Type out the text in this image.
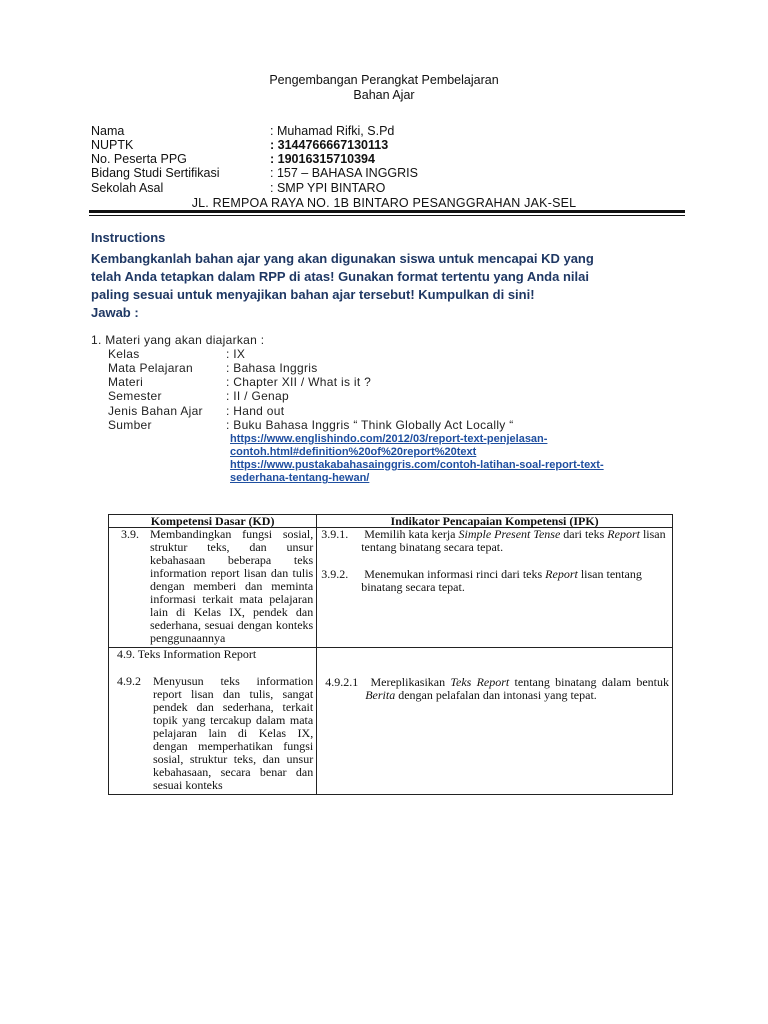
Pengembangan Perangkat Pembelajaran
Bahan Ajar
Nama	: Muhamad Rifki, S.Pd
NUPTK	: 3144766667130113
No. Peserta PPG	: 19016315710394
Bidang Studi Sertifikasi	: 157 – BAHASA INGGRIS
Sekolah Asal	: SMP YPI BINTARO
JL. REMPOA RAYA NO. 1B BINTARO PESANGGRAHAN JAK-SEL
Instructions
Kembangkanlah bahan ajar yang akan digunakan siswa untuk mencapai KD yang
telah Anda tetapkan dalam RPP di atas! Gunakan format tertentu yang Anda nilai
paling sesuai untuk menyajikan bahan ajar tersebut! Kumpulkan di sini!
Jawab :
1. Materi yang akan diajarkan :
Kelas	: IX
Mata Pelajaran	: Bahasa Inggris
Materi	: Chapter XII / What is it ?
Semester	: II / Genap
Jenis Bahan Ajar : Hand out
Sumber	: Buku Bahasa Inggris “ Think Globally Act Locally “
https://www.englishindo.com/2012/03/report-text-penjelasan-
contoh.html#definition%20of%20report%20text
https://www.pustakabahasainggris.com/contoh-latihan-soal-report-text-
sederhana-tentang-hewan/
Kompetensi Dasar (KD)	Indikator Pencapaian Kompetensi (IPK)

3.9. Membandingkan fungsi sosial, struktur teks, dan unsur kebahasaan beberapa teks information report lisan dan tulis dengan memberi dan meminta informasi terkait mata pelajaran lain di Kelas IX, pendek dan sederhana, sesuai dengan konteks penggunaannya	3.9.1. Memilih kata kerja Simple Present Tense dari teks Report lisan tentang binatang secara tepat.
3.9.2. Menemukan informasi rinci dari teks Report lisan tentang binatang secara tepat.

4.9. Teks Information Report
4.9.2 Menyusun teks information report lisan dan tulis, sangat pendek dan sederhana, terkait topik yang tercakup dalam mata pelajaran lain di Kelas IX, dengan memperhatikan fungsi sosial, struktur teks, dan unsur kebahasaan, secara benar dan sesuai konteks	4.9.2.1 Mereplikasikan Teks Report tentang binatang dalam bentuk Berita dengan pelafalan dan intonasi yang tepat.
